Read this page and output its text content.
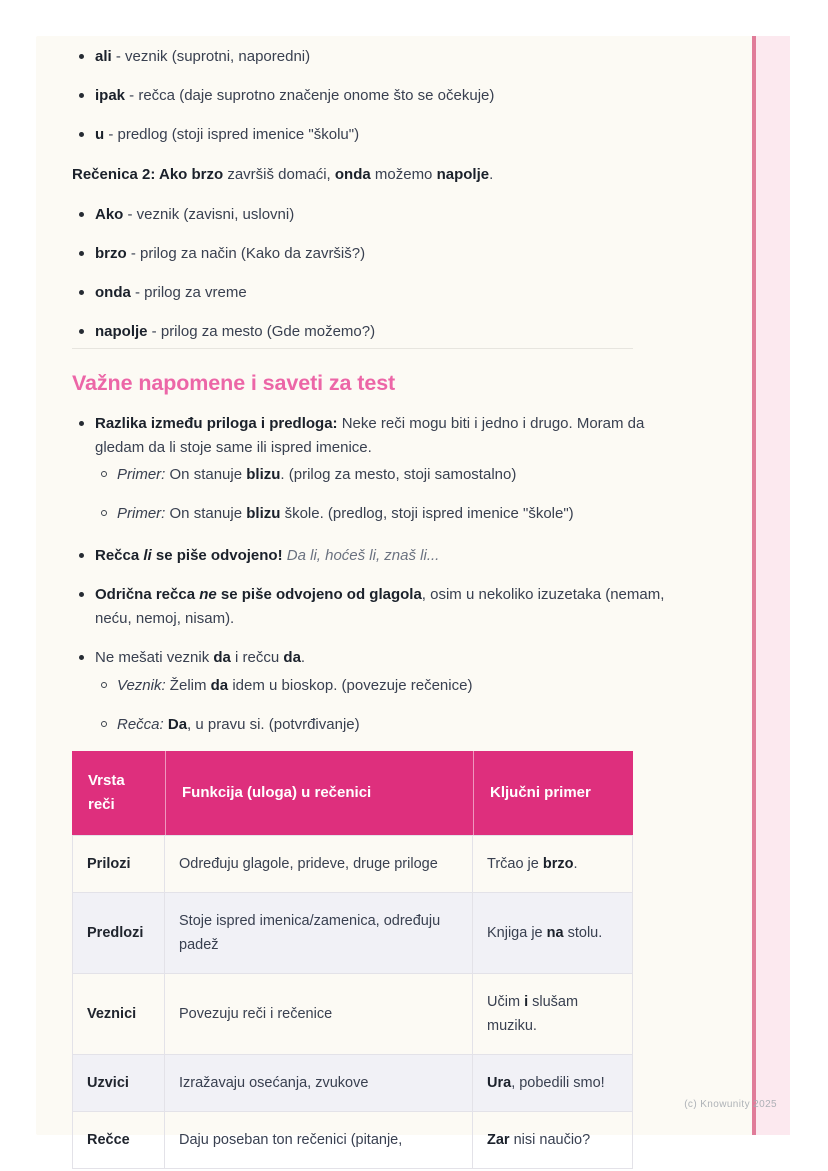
ali - veznik (suprotni, naporedni)
ipak - rečca (daje suprotno značenje onome što se očekuje)
u - predlog (stoji ispred imenice "školu")

Rečenica 2: Ako brzo završiš domaći, onda možemo napolje.

Ako - veznik (zavisni, uslovni)
brzo - prilog za način (Kako da završiš?)
onda - prilog za vreme
napolje - prilog za mesto (Gde možemo?)
Važne napomene i saveti za test
Razlika između priloga i predloga: Neke reči mogu biti i jedno i drugo. Moram da gledam da li stoje same ili ispred imenice.
Primer: On stanuje blizu. (prilog za mesto, stoji samostalno)
Primer: On stanuje blizu škole. (predlog, stoji ispred imenice "škole")
Rečca li se piše odvojeno! Da li, hoćeš li, znaš li...
Odrična rečca ne se piše odvojeno od glagola, osim u nekoliko izuzetaka (nemam, neću, nemoj, nisam).
Ne mešati veznik da i rečcu da.
Veznik: Želim da idem u bioskop. (povezuje rečenice)
Rečca: Da, u pravu si. (potvrđivanje)
Vrsta reči	Funkcija (uloga) u rečenici	Ključni primer
Prilozi	Određuju glagole, prideve, druge priloge	Trčao je brzo.
Predlozi	Stoje ispred imenica/zamenica, određuju padež	Knjiga je na stolu.
Veznici	Povezuju reči i rečenice	Učim i slušam muziku.
Uzvici	Izražavaju osećanja, zvukove	Ura, pobedili smo!
Rečce	Daju poseban ton rečenici (pitanje,	Zar nisi naučio?
(c) Knowunity 2025
